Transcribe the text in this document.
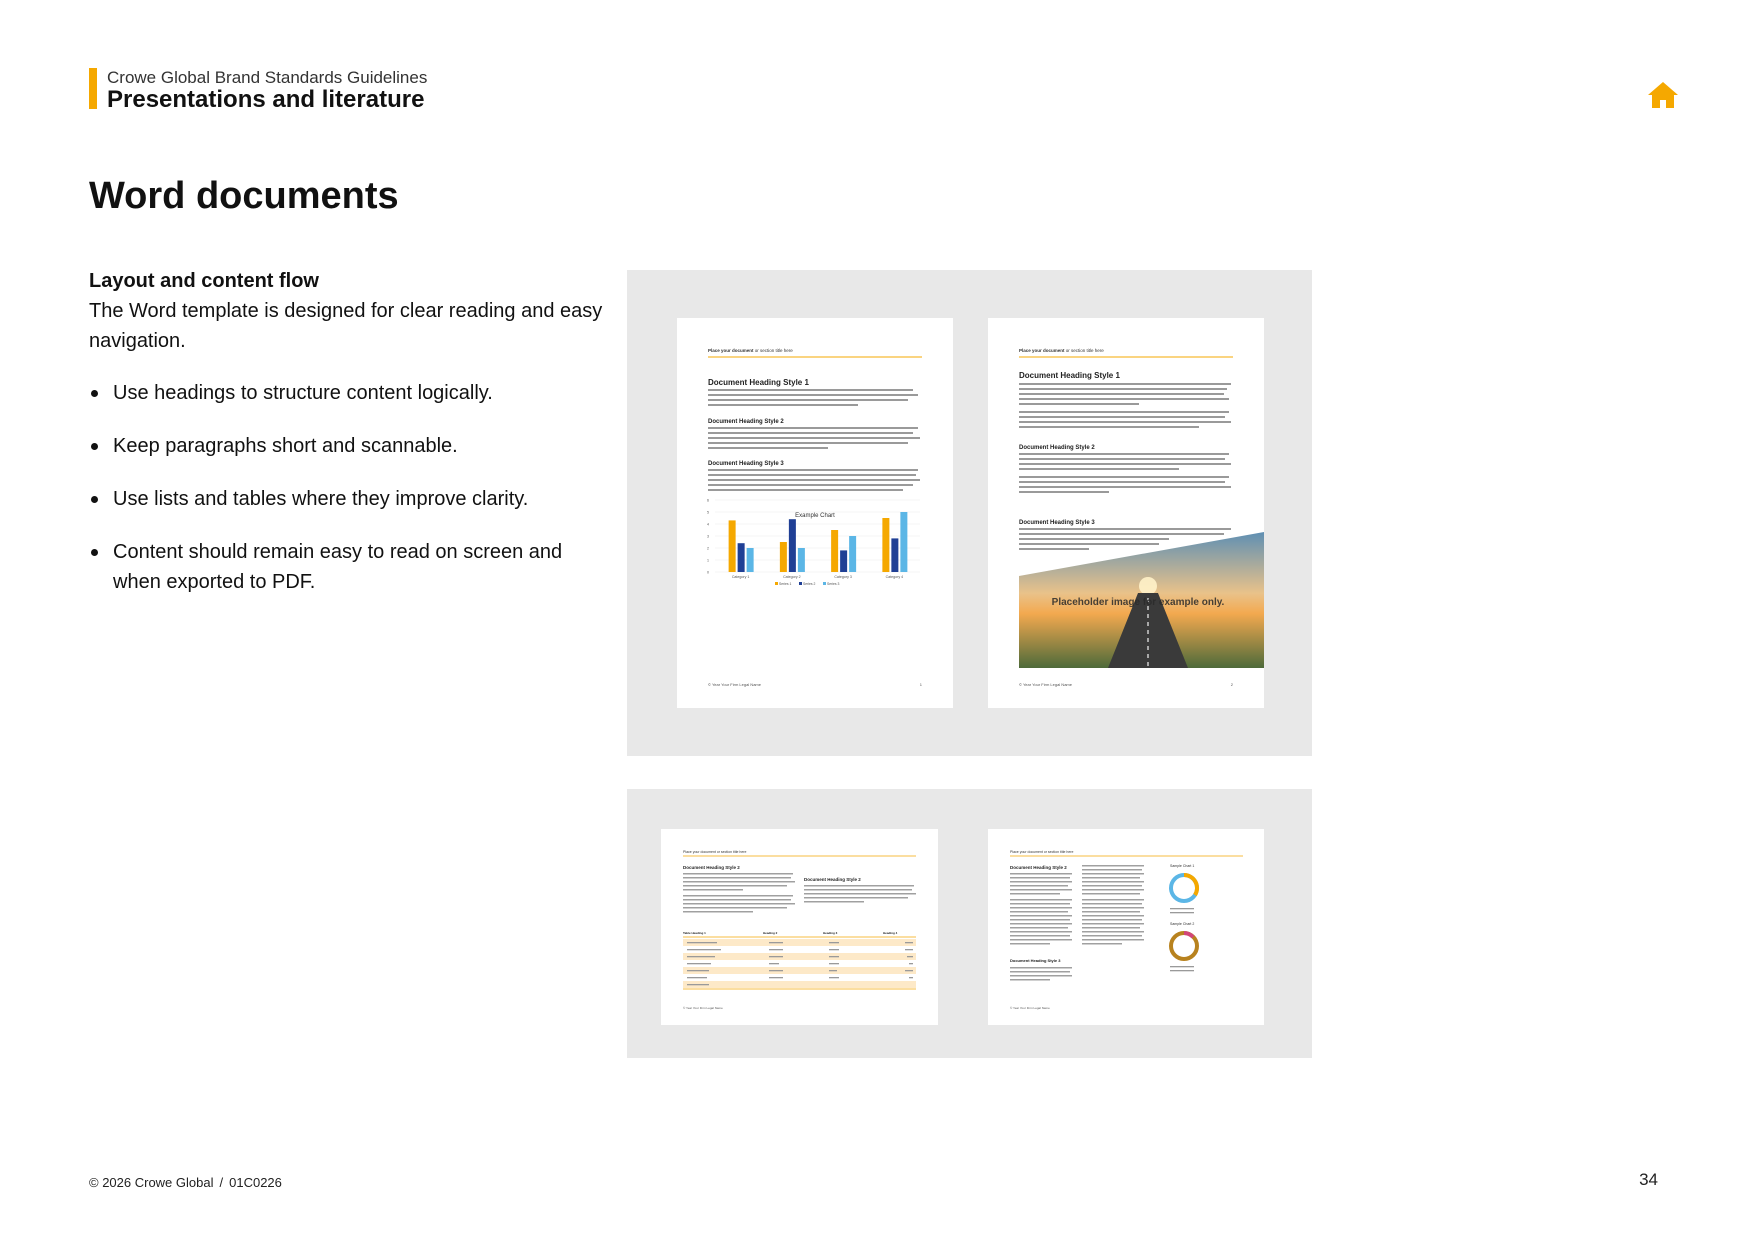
Crowe Global Brand Standards Guidelines
Presentations and literature
Word documents
Layout and content flow
The Word template is designed for clear reading and easy navigation.
Use headings to structure content logically.
Keep paragraphs short and scannable.
Use lists and tables where they improve clarity.
Content should remain easy to read on screen and when exported to PDF.
Place your document or section title here
Document Heading Style 1
Document Heading Style 2
Document Heading Style 3
Example Chart
0
1
2
3
4
5
6
Category 1	Category 2	Category 3	Category 4
Series 1	Series 2	Series 3
© Year Your Firm Legal Name	1
Place your document or section title here
Document Heading Style 1
Document Heading Style 2
Document Heading Style 3
Placeholder image for example only.
© Year Your Firm Legal Name	2
Place your document or section title here
Document Heading Style 2
Document Heading Style 2
Table Heading 1	Heading 2	Heading 3	Heading 4
© Year Your Firm Legal Name
Place your document or section title here
Document Heading Style 2
Document Heading Style 3
Sample Chart 1
Sample Chart 2
© Year Your Firm Legal Name
© 2026 Crowe Global / 01C0226	34
